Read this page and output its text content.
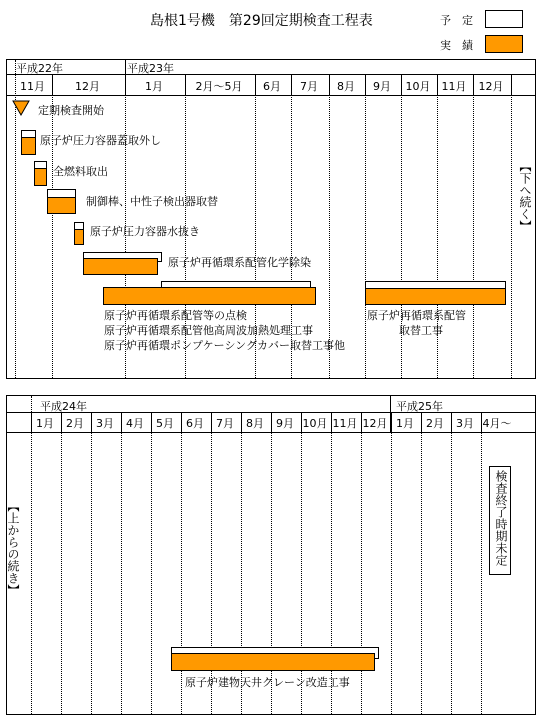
島根1号機　第29回定期検査工程表	予　定
実　績
平成22年	平成23年
11月	12月	1月	2月～5月	6月	7月	8月	9月	10月	11月	12月
定期検査開始
原子炉圧力容器蓋取外し
全燃料取出
制御棒、中性子検出器取替
原子炉圧力容器水抜き
原子炉再循環系配管化学除染
原子炉再循環系配管等の点検
原子炉再循環系配管他高周波加熱処理工事
原子炉再循環ポンプケーシングカバー取替工事他
原子炉再循環系配管
取替工事
【下へ続く】
平成24年	平成25年
1月	2月	3月	4月	5月	6月	7月	8月	9月 10月 11月 12月 1月	2月	3月 4月～
【上からの続き】	検査終了時期未定
原子炉建物天井クレーン改造工事
